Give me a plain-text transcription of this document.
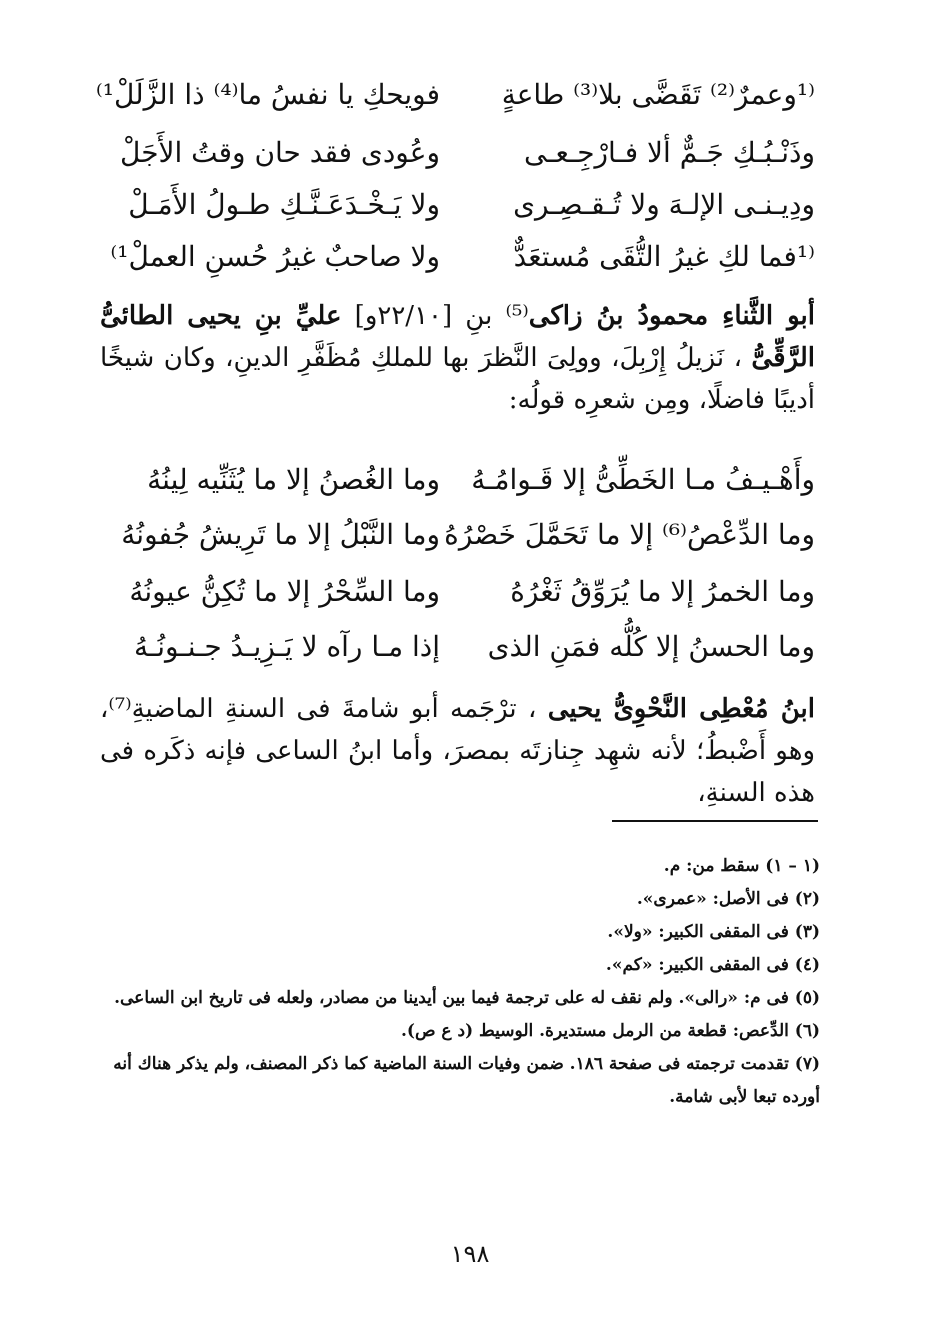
⁽¹وعمرٌ⁽²⁾ تَقَضَّى بلا⁽³⁾ طاعةٍ
فويحكِ يا نفسُ ما⁽⁴⁾ ذا الزَّلَلْ¹⁾
وذَنْـبُـكِ جَـمٌّ ألا فـارْجِـعـى
وعُودى فقد حان وقتُ الأَجَلْ
ودِيـنـى الإلـهَ ولا تُـقـصِـرى
ولا يَـخْـدَعَـنَّـكِ طـولُ الأَمَـلْ
⁽¹فما لكِ غيرُ التُّقَى مُستعَدٌّ
ولا صاحبٌ غيرُ حُسنِ العملْ¹⁾
أبو الثَّناءِ محمودُ بنُ زاكى⁽⁵⁾ بنِ [٢٢/١٠و] عليِّ بنِ يحيى الطائىُّ الرَّقِّىُّ ، نَزيلُ إِرْبِلَ، وولِىَ النَّظرَ بها للملكِ مُظَفَّرِ الدينِ، وكان شيخًا أديبًا فاضلًا، ومِن شعرِه قولُه:
وأَهْـيـفُ مـا الخَطِّىُّ إلا قَـوامُـهُ
وما الغُصنُ إلا ما يُثَنِّيه لِينُهُ
وما الدِّعْصُ⁽⁶⁾ إلا ما تَحَمَّلَ خَصْرُهُ
وما النَّبْلُ إلا ما تَرِيشُ جُفونُهُ
وما الخمرُ إلا ما يُرَوِّقُ ثَغْرُهُ
وما السِّحْرُ إلا ما تُكِنُّ عيونُهُ
وما الحسنُ إلا كُلُّه فمَنِ الذى
إذا مـا رآه لا يَـزِيـدُ جـنـونُـهُ
ابنُ مُعْطِى النَّحْوِىُّ يحيى ، ترْجَمه أبو شامةَ فى السنةِ الماضيةِ⁽⁷⁾، وهو أَضْبطُ؛ لأنه شهِد جِنازتَه بمصرَ، وأما ابنُ الساعى فإنه ذكَره فى هذه السنةِ،
(١ – ١) سقط من: م.
(٢) فى الأصل: «عمرى».
(٣) فى المقفى الكبير: «ولا».
(٤) فى المقفى الكبير: «كم».
(٥) فى م: «رالى». ولم نقف له على ترجمة فيما بين أيدينا من مصادر، ولعله فى تاريخ ابن الساعى.
(٦) الدِّعص: قطعة من الرمل مستديرة. الوسيط (د ع ص).
(٧) تقدمت ترجمته فى صفحة ١٨٦. ضمن وفيات السنة الماضية كما ذكر المصنف، ولم يذكر هناك أنه أورده تبعا لأبى شامة.
١٩٨
